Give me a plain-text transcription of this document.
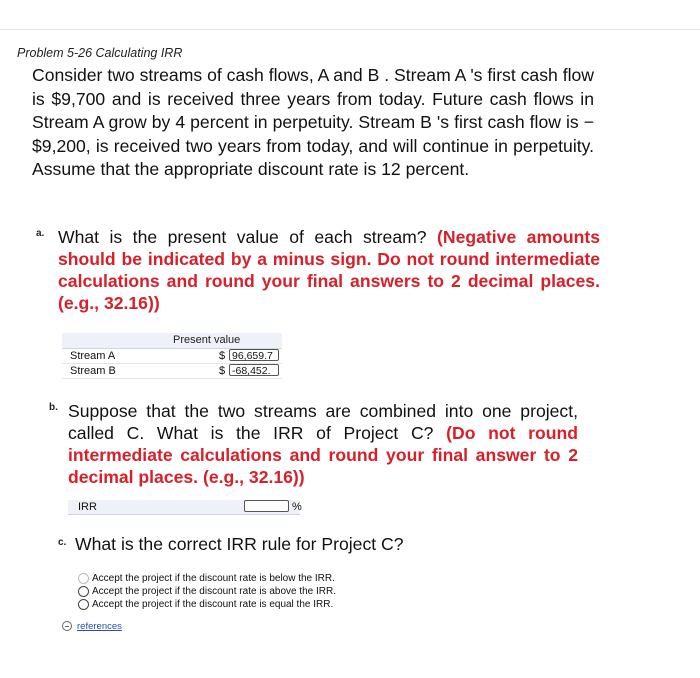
Problem 5-26 Calculating IRR
Consider two streams of cash flows, A and B . Stream A 's first cash flow is $9,700 and is received three years from today. Future cash flows in Stream A grow by 4 percent in perpetuity. Stream B 's first cash flow is −$9,200, is received two years from today, and will continue in perpetuity. Assume that the appropriate discount rate is 12 percent.
a. What is the present value of each stream? (Negative amounts should be indicated by a minus sign. Do not round intermediate calculations and round your final answers to 2 decimal places. (e.g., 32.16))
Present value
Stream A	$ 96,659.7
Stream B	$ -68,452.
b. Suppose that the two streams are combined into one project, called C. What is the IRR of Project C? (Do not round intermediate calculations and round your final answer to 2 decimal places. (e.g., 32.16))
IRR	%
c. What is the correct IRR rule for Project C?
Accept the project if the discount rate is below the IRR.
Accept the project if the discount rate is above the IRR.
Accept the project if the discount rate is equal the IRR.
references
